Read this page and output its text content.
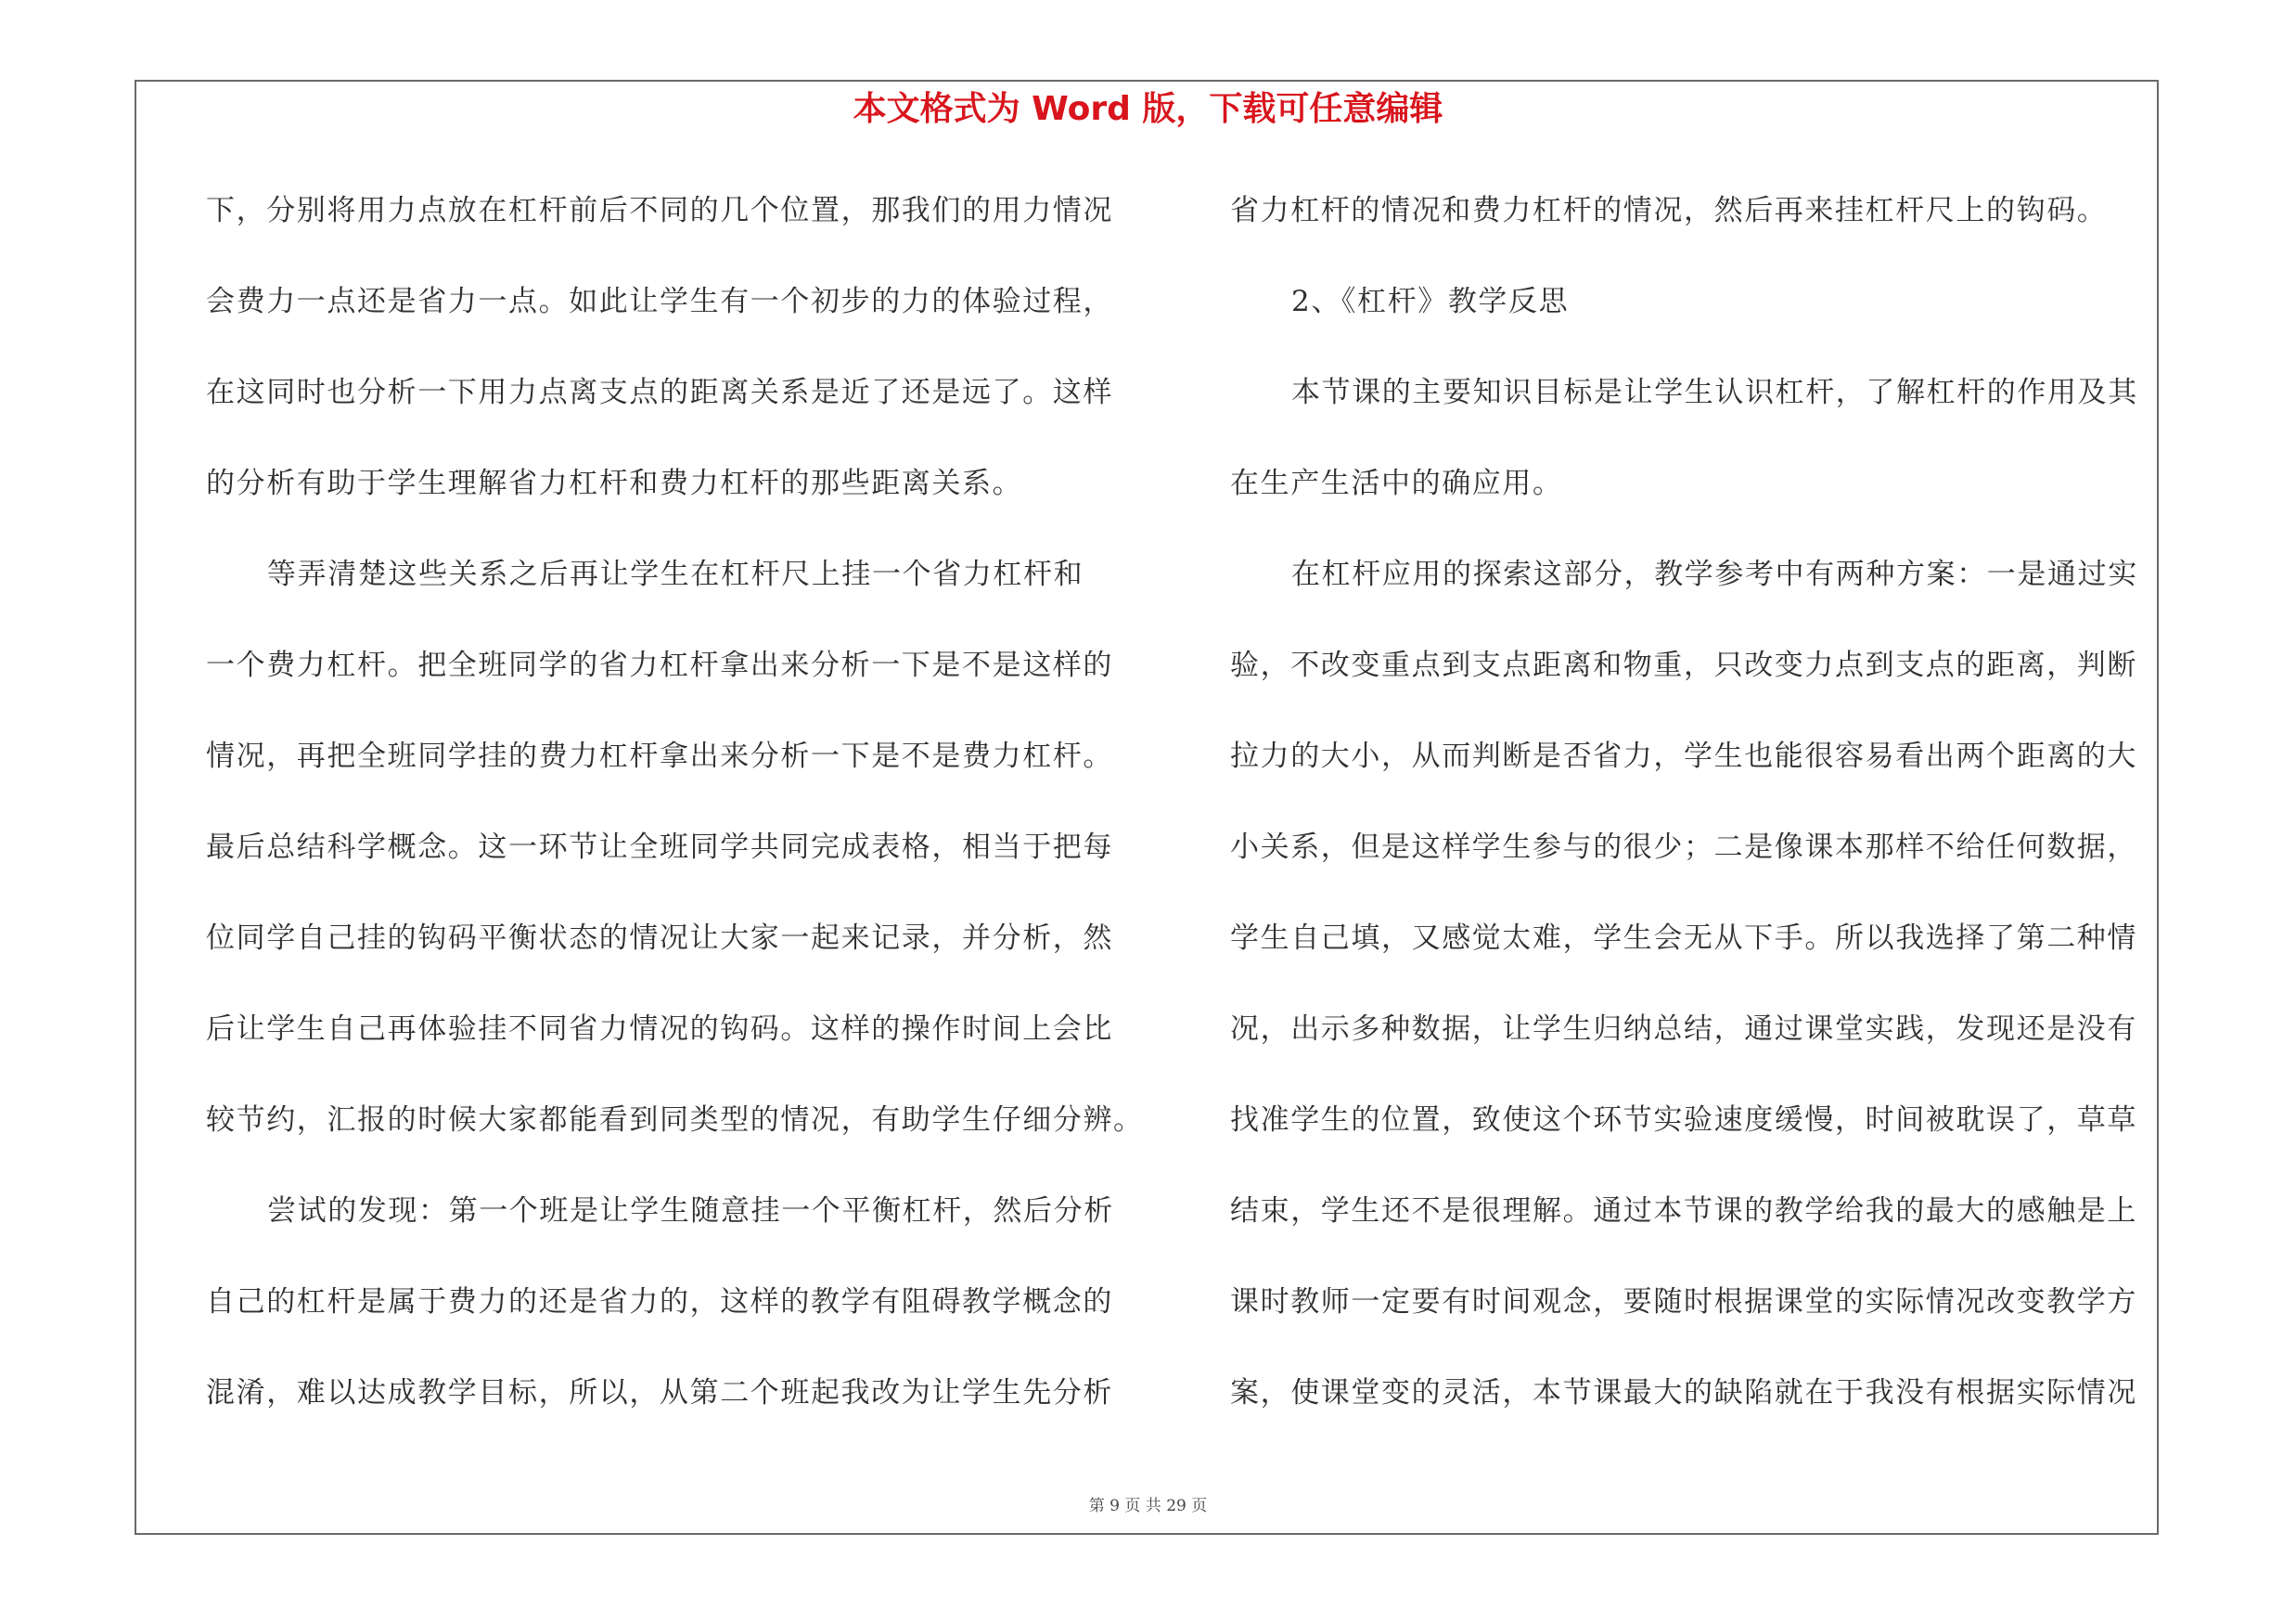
本文格式为 Word 版，下载可任意编辑
下，分别将用力点放在杠杆前后不同的几个位置，那我们的用力情况
会费力一点还是省力一点。如此让学生有一个初步的力的体验过程，
在这同时也分析一下用力点离支点的距离关系是近了还是远了。这样
的分析有助于学生理解省力杠杆和费力杠杆的那些距离关系。
等弄清楚这些关系之后再让学生在杠杆尺上挂一个省力杠杆和
一个费力杠杆。把全班同学的省力杠杆拿出来分析一下是不是这样的
情况，再把全班同学挂的费力杠杆拿出来分析一下是不是费力杠杆。
最后总结科学概念。这一环节让全班同学共同完成表格，相当于把每
位同学自己挂的钩码平衡状态的情况让大家一起来记录，并分析，然
后让学生自己再体验挂不同省力情况的钩码。这样的操作时间上会比
较节约，汇报的时候大家都能看到同类型的情况，有助学生仔细分辨。
尝试的发现：第一个班是让学生随意挂一个平衡杠杆，然后分析
自己的杠杆是属于费力的还是省力的，这样的教学有阻碍教学概念的
混淆，难以达成教学目标，所以，从第二个班起我改为让学生先分析
省力杠杆的情况和费力杠杆的情况，然后再来挂杠杆尺上的钩码。
2、《杠杆》教学反思
本节课的主要知识目标是让学生认识杠杆，了解杠杆的作用及其
在生产生活中的确应用。
在杠杆应用的探索这部分，教学参考中有两种方案：一是通过实
验，不改变重点到支点距离和物重，只改变力点到支点的距离，判断
拉力的大小，从而判断是否省力，学生也能很容易看出两个距离的大
小关系，但是这样学生参与的很少；二是像课本那样不给任何数据，
学生自己填，又感觉太难，学生会无从下手。所以我选择了第二种情
况，出示多种数据，让学生归纳总结，通过课堂实践，发现还是没有
找准学生的位置，致使这个环节实验速度缓慢，时间被耽误了，草草
结束，学生还不是很理解。通过本节课的教学给我的最大的感触是上
课时教师一定要有时间观念，要随时根据课堂的实际情况改变教学方
案，使课堂变的灵活，本节课最大的缺陷就在于我没有根据实际情况
第 9 页 共 29 页
